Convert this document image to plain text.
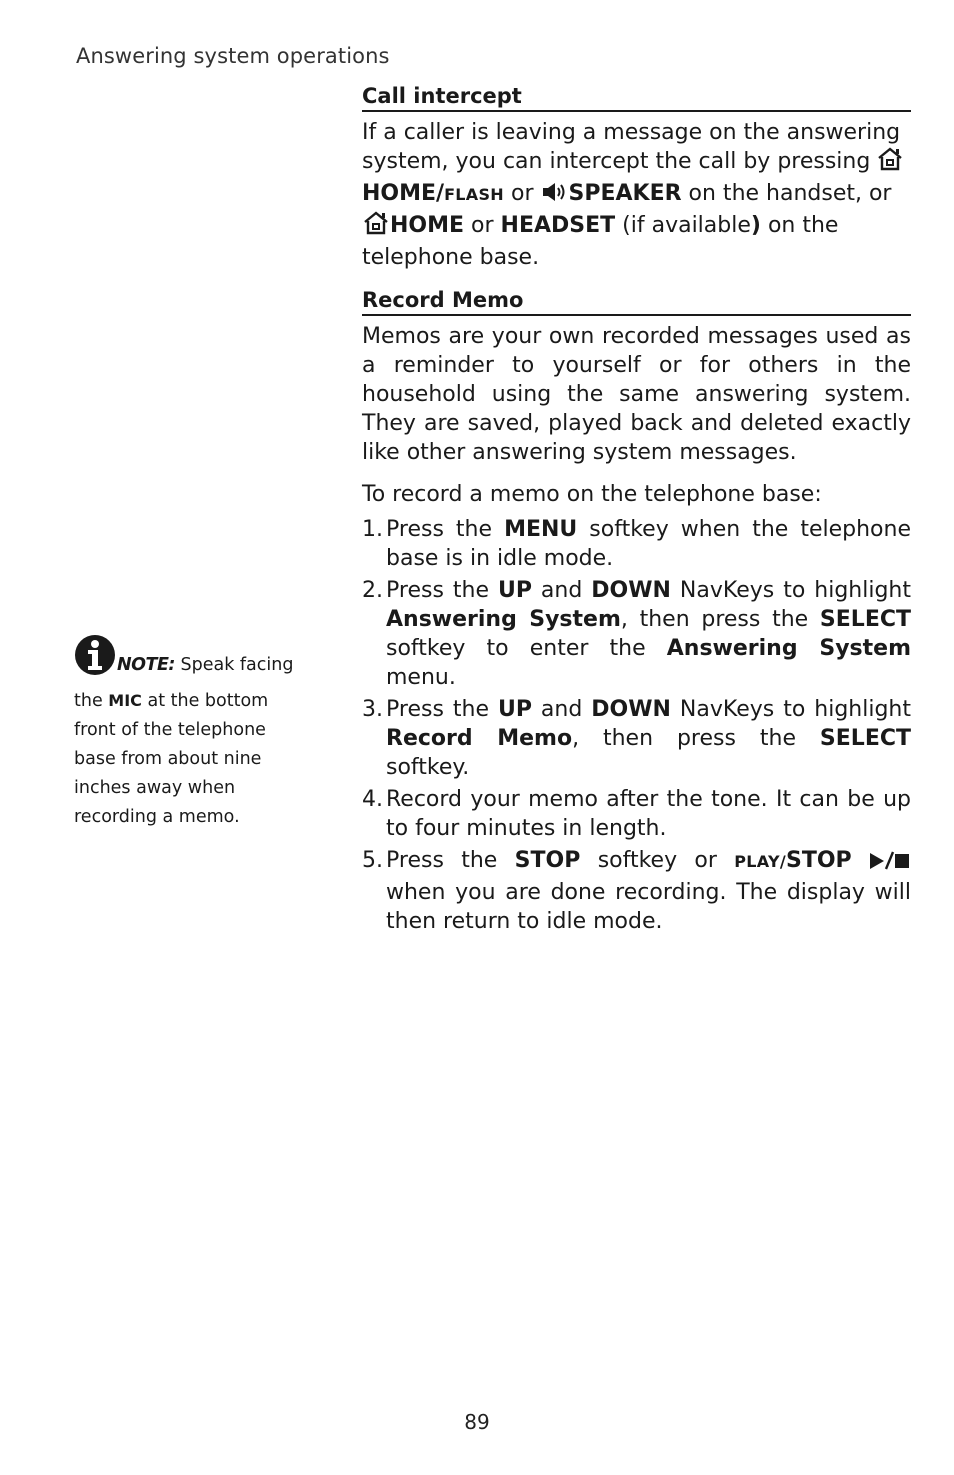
Answering system operations
Call intercept

If a caller is leaving a message on the answering system, you can intercept the call by pressing HOME/FLASH or SPEAKER on the handset, or HOME or HEADSET (if available) on the telephone base.

Record Memo

Memos are your own recorded messages used as a reminder to yourself or for others in the household using the same answering system. They are saved, played back and deleted exactly like other answering system messages.

To record a memo on the telephone base:

1. Press the MENU softkey when the telephone base is in idle mode.
2. Press the UP and DOWN NavKeys to highlight Answering System, then press the SELECT softkey to enter the Answering System menu.
3. Press the UP and DOWN NavKeys to highlight Record Memo, then press the SELECT softkey.
4. Record your memo after the tone. It can be up to four minutes in length.
5. Press the STOP softkey or PLAY/STOP  when you are done recording. The display will then return to idle mode.
NOTE: Speak facing the MIC at the bottom front of the telephone base from about nine inches away when recording a memo.
89
